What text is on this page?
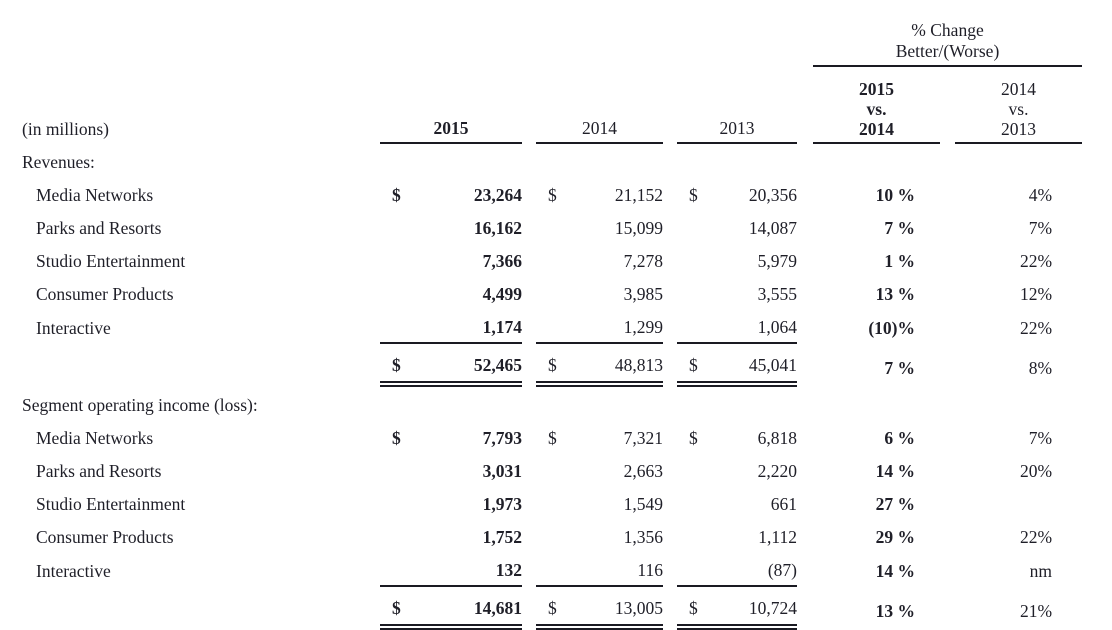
							% Change
Better/(Worse)		

(in millions)	2015		2014		2013		
2015
vs.
2014

2014
vs.
2013

Revenues:									
Media Networks	$ 23,264		$ 21,152		$ 20,356		10 %		4%
Parks and Resorts	16,162		15,099		14,087		7 %		7%
Studio Entertainment	7,366		7,278		5,979		1 %		22%
Consumer Products	4,499		3,985		3,555		13 %		12%
Interactive	1,174		1,299		1,064		(10)%		22%

	$ 52,465		$ 48,813		$ 45,041		7 %		8%
Segment operating income (loss):									
Media Networks	$ 7,793		$ 7,321		$ 6,818		6 %		7%
Parks and Resorts	3,031		2,663		2,220		14 %		20%
Studio Entertainment	1,973		1,549		661		27 %		
Consumer Products	1,752		1,356		1,112		29 %		22%
Interactive	132		116		(87)		14 %		nm

	$ 14,681		$ 13,005		$ 10,724		13 %		21%
